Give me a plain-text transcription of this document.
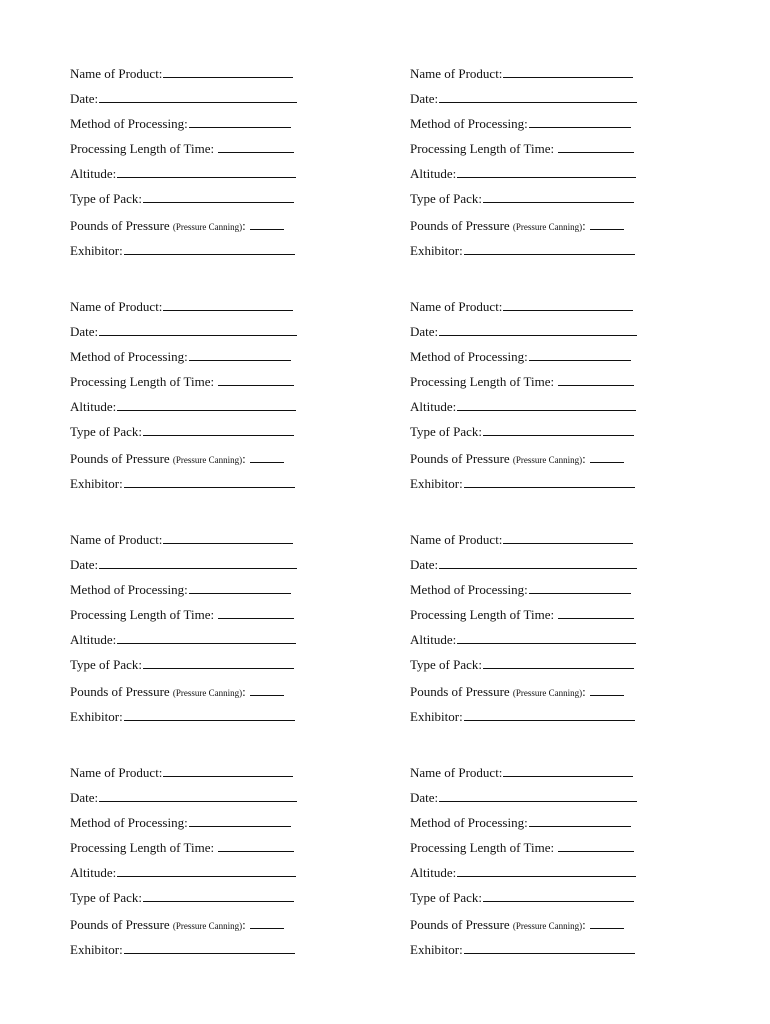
Name of Product:
Date:
Method of Processing:
Processing Length of Time:
Altitude:
Type of Pack:
Pounds of Pressure (Pressure Canning):
Exhibitor:
Name of Product:
Date:
Method of Processing:
Processing Length of Time:
Altitude:
Type of Pack:
Pounds of Pressure (Pressure Canning):
Exhibitor:
Name of Product:
Date:
Method of Processing:
Processing Length of Time:
Altitude:
Type of Pack:
Pounds of Pressure (Pressure Canning):
Exhibitor:
Name of Product:
Date:
Method of Processing:
Processing Length of Time:
Altitude:
Type of Pack:
Pounds of Pressure (Pressure Canning):
Exhibitor:
Name of Product:
Date:
Method of Processing:
Processing Length of Time:
Altitude:
Type of Pack:
Pounds of Pressure (Pressure Canning):
Exhibitor:
Name of Product:
Date:
Method of Processing:
Processing Length of Time:
Altitude:
Type of Pack:
Pounds of Pressure (Pressure Canning):
Exhibitor:
Name of Product:
Date:
Method of Processing:
Processing Length of Time:
Altitude:
Type of Pack:
Pounds of Pressure (Pressure Canning):
Exhibitor:
Name of Product:
Date:
Method of Processing:
Processing Length of Time:
Altitude:
Type of Pack:
Pounds of Pressure (Pressure Canning):
Exhibitor:
